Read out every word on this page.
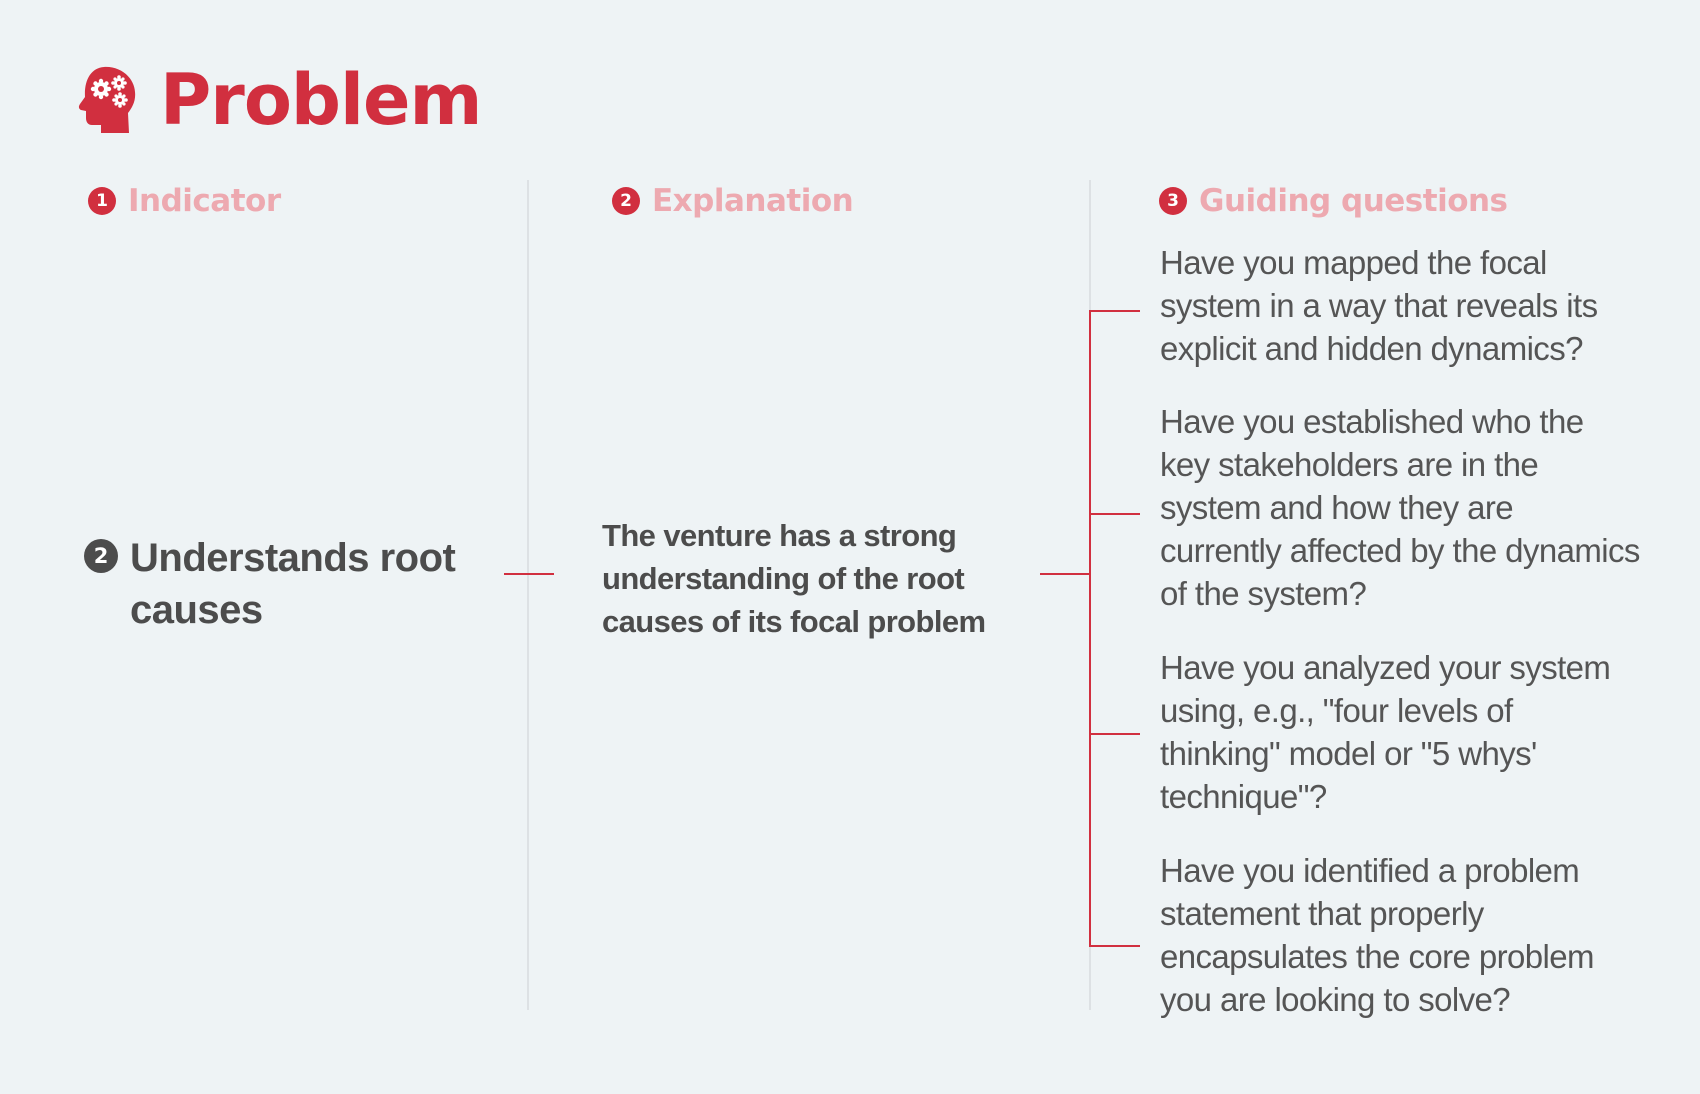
Problem
1 Indicator	2 Explanation	3 Guiding questions
2 Understands root causes
The venture has a strong understanding of the root causes of its focal problem
Have you mapped the focal system in a way that reveals its explicit and hidden dynamics?
Have you established who the key stakeholders are in the system and how they are currently affected by the dynamics of the system?
Have you analyzed your system using, e.g., "four levels of thinking" model or "5 whys' technique"?
Have you identified a problem statement that properly encapsulates the core problem you are looking to solve?
